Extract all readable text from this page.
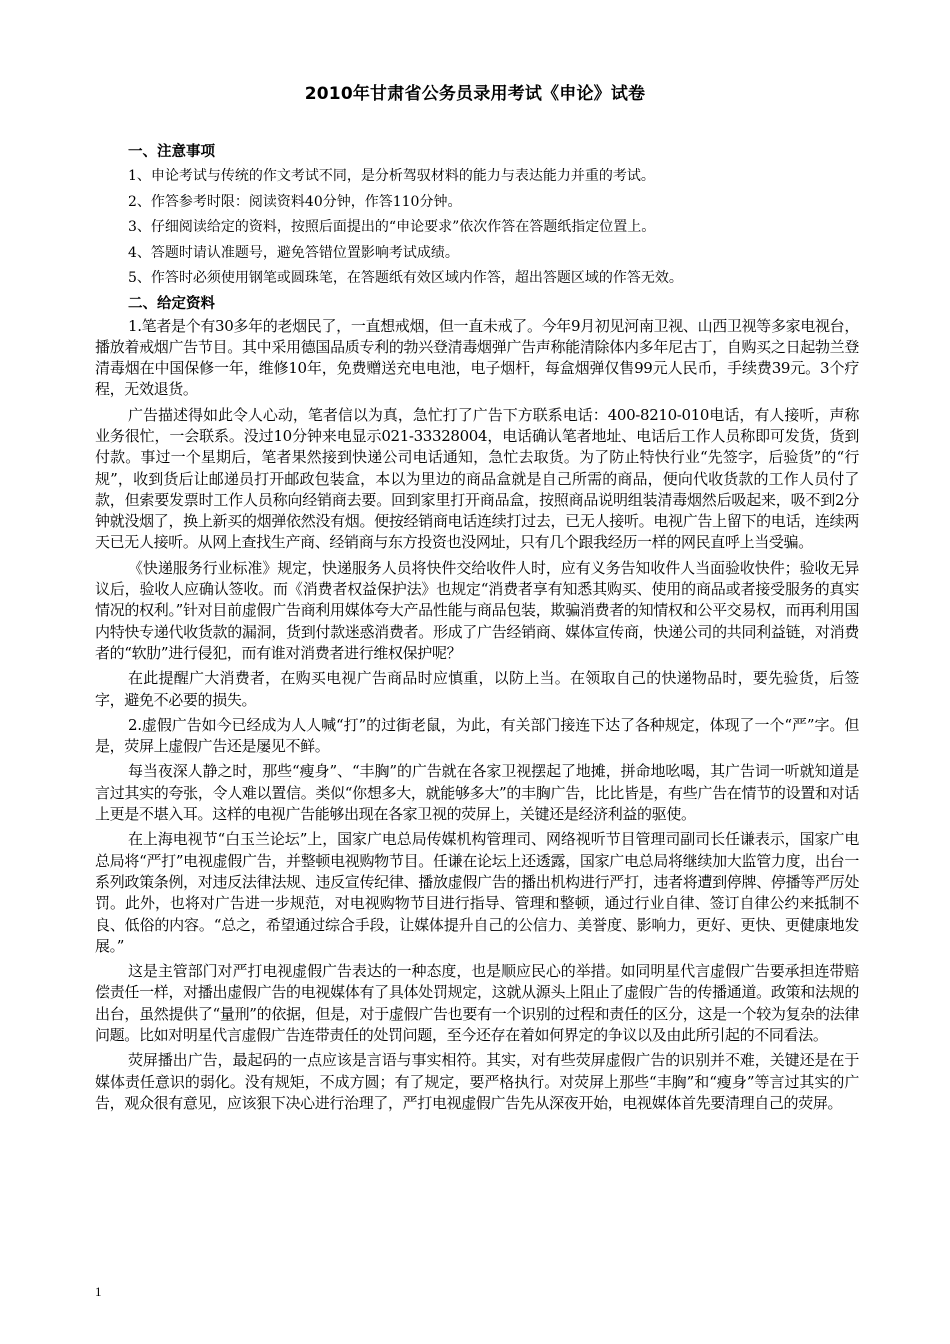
2010年甘肃省公务员录用考试《申论》试卷
一、注意事项
1、申论考试与传统的作文考试不同，是分析驾驭材料的能力与表达能力并重的考试。
2、作答参考时限：阅读资料40分钟，作答110分钟。
3、仔细阅读给定的资料，按照后面提出的“申论要求”依次作答在答题纸指定位置上。
4、答题时请认准题号，避免答错位置影响考试成绩。
5、作答时必须使用钢笔或圆珠笔，在答题纸有效区域内作答，超出答题区域的作答无效。
二、给定资料

1.笔者是个有30多年的老烟民了，一直想戒烟，但一直未戒了。今年9月初见河南卫视、山西卫视等多家电视台，播放着戒烟广告节目。其中采用德国品质专利的勃兴登清毒烟弹广告声称能清除体内多年尼古丁，自购买之日起勃兰登清毒烟在中国保修一年，维修10年，免费赠送充电电池，电子烟杆，每盒烟弹仅售99元人民币，手续费39元。3个疗程，无效退货。

广告描述得如此令人心动，笔者信以为真，急忙打了广告下方联系电话：400-8210-010电话，有人接听，声称业务很忙，一会联系。没过10分钟来电显示021-33328004，电话确认笔者地址、电话后工作人员称即可发货，货到付款。事过一个星期后，笔者果然接到快递公司电话通知，急忙去取货。为了防止特快行业“先签字，后验货”的“行规”，收到货后让邮递员打开邮政包装盒，本以为里边的商品盒就是自己所需的商品，便向代收货款的工作人员付了款，但索要发票时工作人员称向经销商去要。回到家里打开商品盒，按照商品说明组装清毒烟然后吸起来，吸不到2分钟就没烟了，换上新买的烟弹依然没有烟。便按经销商电话连续打过去，已无人接听。电视广告上留下的电话，连续两天已无人接听。从网上查找生产商、经销商与东方投资也没网址，只有几个跟我经历一样的网民直呼上当受骗。

《快递服务行业标准》规定，快递服务人员将快件交给收件人时，应有义务告知收件人当面验收快件；验收无异议后，验收人应确认签收。而《消费者权益保护法》也规定“消费者享有知悉其购买、使用的商品或者接受服务的真实情况的权利。”针对目前虚假广告商利用媒体夸大产品性能与商品包装，欺骗消费者的知情权和公平交易权，而再利用国内特快专递代收货款的漏洞，货到付款迷惑消费者。形成了广告经销商、媒体宣传商，快递公司的共同利益链，对消费者的“软肋”进行侵犯，而有谁对消费者进行维权保护呢？

在此提醒广大消费者，在购买电视广告商品时应慎重，以防上当。在领取自己的快递物品时，要先验货，后签字，避免不必要的损失。

2.虚假广告如今已经成为人人喊“打”的过街老鼠，为此，有关部门接连下达了各种规定，体现了一个“严”字。但是，荧屏上虚假广告还是屡见不鲜。

每当夜深人静之时，那些“瘦身”、“丰胸”的广告就在各家卫视摆起了地摊，拼命地吆喝，其广告词一听就知道是言过其实的夸张，令人难以置信。类似“你想多大，就能够多大”的丰胸广告，比比皆是，有些广告在情节的设置和对话上更是不堪入耳。这样的电视广告能够出现在各家卫视的荧屏上，关键还是经济利益的驱使。

在上海电视节“白玉兰论坛”上，国家广电总局传媒机构管理司、网络视听节目管理司副司长任谦表示，国家广电总局将“严打”电视虚假广告，并整顿电视购物节目。任谦在论坛上还透露，国家广电总局将继续加大监管力度，出台一系列政策条例，对违反法律法规、违反宣传纪律、播放虚假广告的播出机构进行严打，违者将遭到停牌、停播等严厉处罚。此外，也将对广告进一步规范，对电视购物节目进行指导、管理和整顿，通过行业自律、签订自律公约来抵制不良、低俗的内容。“总之，希望通过综合手段，让媒体提升自己的公信力、美誉度、影响力，更好、更快、更健康地发展。”

这是主管部门对严打电视虚假广告表达的一种态度，也是顺应民心的举措。如同明星代言虚假广告要承担连带赔偿责任一样，对播出虚假广告的电视媒体有了具体处罚规定，这就从源头上阻止了虚假广告的传播通道。政策和法规的出台，虽然提供了“量刑”的依据，但是，对于虚假广告也要有一个识别的过程和责任的区分，这是一个较为复杂的法律问题。比如对明星代言虚假广告连带责任的处罚问题，至今还存在着如何界定的争议以及由此所引起的不同看法。

荧屏播出广告，最起码的一点应该是言语与事实相符。其实，对有些荧屏虚假广告的识别并不难，关键还是在于媒体责任意识的弱化。没有规矩，不成方圆；有了规定，要严格执行。对荧屏上那些“丰胸”和“瘦身”等言过其实的广告，观众很有意见，应该狠下决心进行治理了，严打电视虚假广告先从深夜开始，电视媒体首先要清理自己的荧屏。

1
